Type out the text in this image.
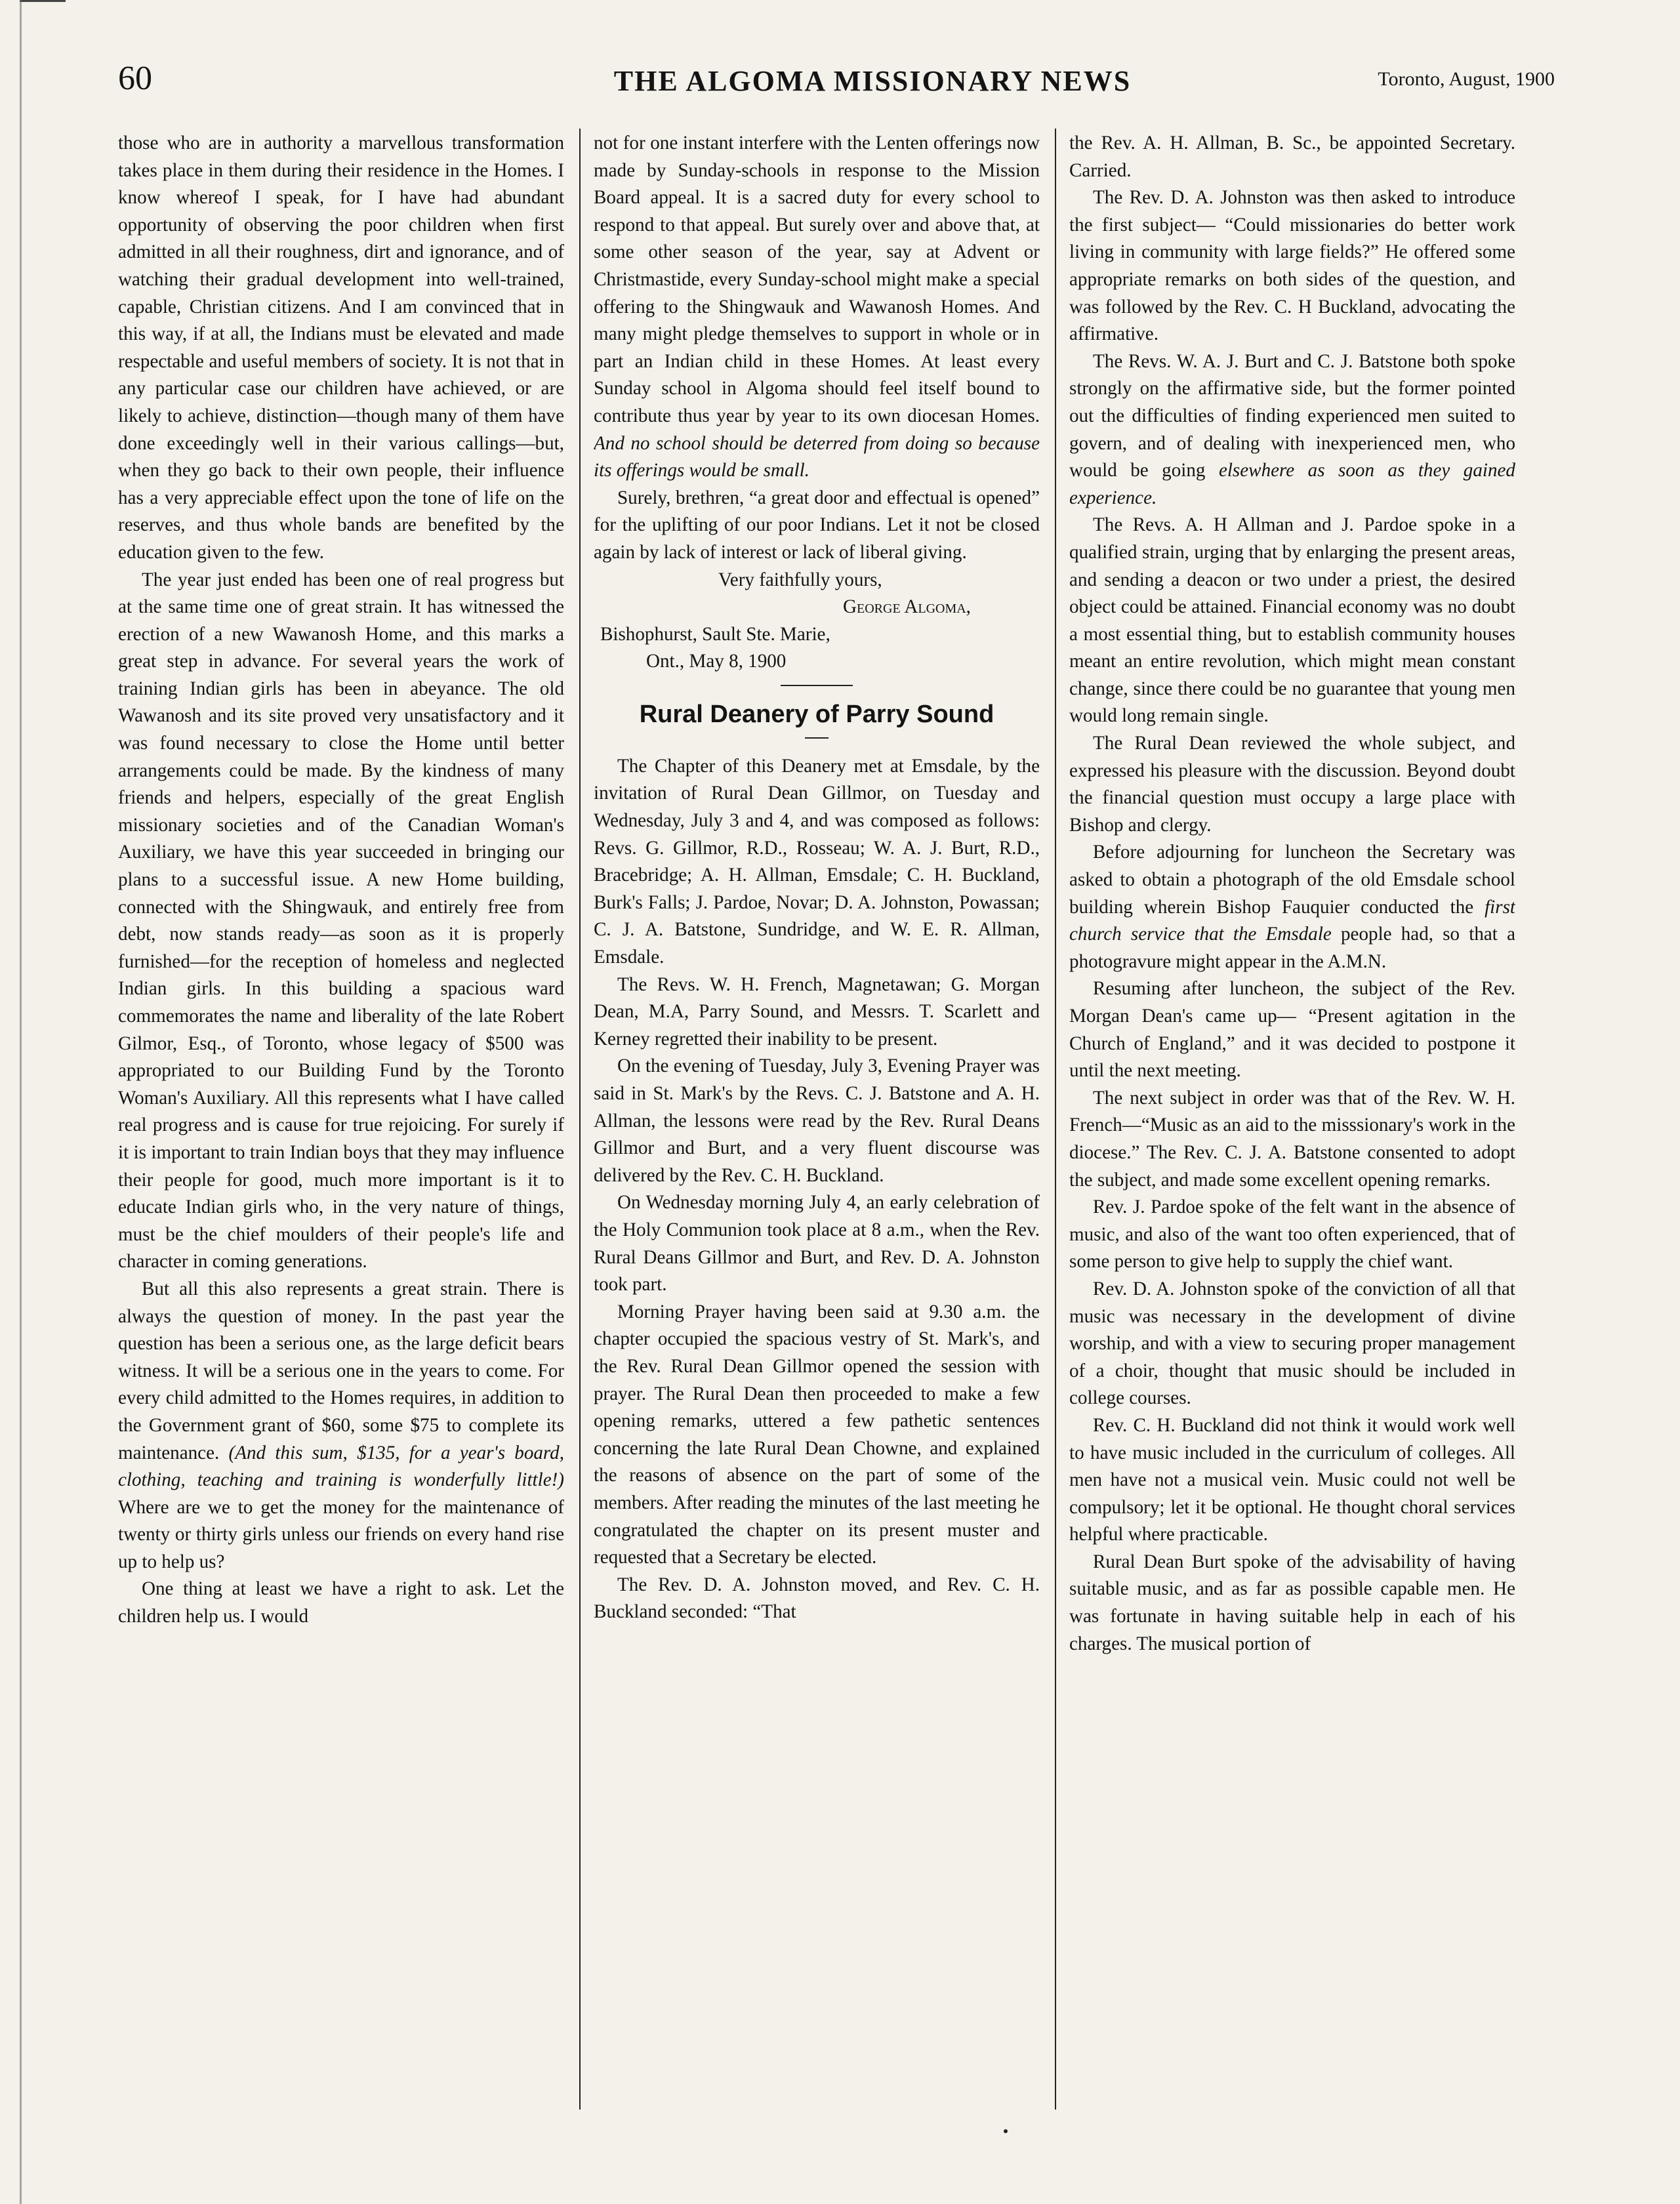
60	THE ALGOMA MISSIONARY NEWS	Toronto, August, 1900

those who are in authority a marvellous transformation takes place in them during their residence in the Homes. I know whereof I speak, for I have had abundant opportunity of observing the poor children when first admitted in all their roughness, dirt and ignorance, and of watching their gradual development into well-trained, capable, Christian citizens. And I am convinced that in this way, if at all, the Indians must be elevated and made respectable and useful members of society. It is not that in any particular case our children have achieved, or are likely to achieve, distinction—though many of them have done exceedingly well in their various callings—but, when they go back to their own people, their influence has a very appreciable effect upon the tone of life on the reserves, and thus whole bands are benefited by the education given to the few.

The year just ended has been one of real progress but at the same time one of great strain. It has witnessed the erection of a new Wawanosh Home, and this marks a great step in advance. For several years the work of training Indian girls has been in abeyance. The old Wawanosh and its site proved very unsatisfactory and it was found necessary to close the Home until better arrangements could be made. By the kindness of many friends and helpers, especially of the great English missionary societies and of the Canadian Woman's Auxiliary, we have this year succeeded in bringing our plans to a successful issue. A new Home building, connected with the Shingwauk, and entirely free from debt, now stands ready—as soon as it is properly furnished—for the reception of homeless and neglected Indian girls. In this building a spacious ward commemorates the name and liberality of the late Robert Gilmor, Esq., of Toronto, whose legacy of $500 was appropriated to our Building Fund by the Toronto Woman's Auxiliary. All this represents what I have called real progress and is cause for true rejoicing. For surely if it is important to train Indian boys that they may influence their people for good, much more important is it to educate Indian girls who, in the very nature of things, must be the chief moulders of their people's life and character in coming generations.

But all this also represents a great strain. There is always the question of money. In the past year the question has been a serious one, as the large deficit bears witness. It will be a serious one in the years to come. For every child admitted to the Homes requires, in addition to the Government grant of $60, some $75 to complete its maintenance. (And this sum, $135, for a year's board, clothing, teaching and training is wonderfully little!) Where are we to get the money for the maintenance of twenty or thirty girls unless our friends on every hand rise up to help us?

One thing at least we have a right to ask. Let the children help us. I would

not for one instant interfere with the Lenten offerings now made by Sunday-schools in response to the Mission Board appeal. It is a sacred duty for every school to respond to that appeal. But surely over and above that, at some other season of the year, say at Advent or Christmastide, every Sunday-school might make a special offering to the Shingwauk and Wawanosh Homes. And many might pledge themselves to support in whole or in part an Indian child in these Homes. At least every Sunday school in Algoma should feel itself bound to contribute thus year by year to its own diocesan Homes. And no school should be deterred from doing so because its offerings would be small.

Surely, brethren, “a great door and effectual is opened” for the uplifting of our poor Indians. Let it not be closed again by lack of interest or lack of liberal giving.

Very faithfully yours,
George Algoma,
Bishophurst, Sault Ste. Marie,
Ont., May 8, 1900
Rural Deanery of Parry Sound

The Chapter of this Deanery met at Emsdale, by the invitation of Rural Dean Gillmor, on Tuesday and Wednesday, July 3 and 4, and was composed as follows: Revs. G. Gillmor, R.D., Rosseau; W. A. J. Burt, R.D., Bracebridge; A. H. Allman, Emsdale; C. H. Buckland, Burk's Falls; J. Pardoe, Novar; D. A. Johnston, Powassan; C. J. A. Batstone, Sundridge, and W. E. R. Allman, Emsdale.

The Revs. W. H. French, Magnetawan; G. Morgan Dean, M.A, Parry Sound, and Messrs. T. Scarlett and Kerney regretted their inability to be present.

On the evening of Tuesday, July 3, Evening Prayer was said in St. Mark's by the Revs. C. J. Batstone and A. H. Allman, the lessons were read by the Rev. Rural Deans Gillmor and Burt, and a very fluent discourse was delivered by the Rev. C. H. Buckland.

On Wednesday morning July 4, an early celebration of the Holy Communion took place at 8 a.m., when the Rev. Rural Deans Gillmor and Burt, and Rev. D. A. Johnston took part.

Morning Prayer having been said at 9.30 a.m. the chapter occupied the spacious vestry of St. Mark's, and the Rev. Rural Dean Gillmor opened the session with prayer. The Rural Dean then proceeded to make a few opening remarks, uttered a few pathetic sentences concerning the late Rural Dean Chowne, and explained the reasons of absence on the part of some of the members. After reading the minutes of the last meeting he congratulated the chapter on its present muster and requested that a Secretary be elected.

The Rev. D. A. Johnston moved, and Rev. C. H. Buckland seconded: “That

the Rev. A. H. Allman, B. Sc., be appointed Secretary. Carried.

The Rev. D. A. Johnston was then asked to introduce the first subject— “Could missionaries do better work living in community with large fields?” He offered some appropriate remarks on both sides of the question, and was followed by the Rev. C. H Buckland, advocating the affirmative.

The Revs. W. A. J. Burt and C. J. Batstone both spoke strongly on the affirmative side, but the former pointed out the difficulties of finding experienced men suited to govern, and of dealing with inexperienced men, who would be going elsewhere as soon as they gained experience.

The Revs. A. H Allman and J. Pardoe spoke in a qualified strain, urging that by enlarging the present areas, and sending a deacon or two under a priest, the desired object could be attained. Financial economy was no doubt a most essential thing, but to establish community houses meant an entire revolution, which might mean constant change, since there could be no guarantee that young men would long remain single.

The Rural Dean reviewed the whole subject, and expressed his pleasure with the discussion. Beyond doubt the financial question must occupy a large place with Bishop and clergy.

Before adjourning for luncheon the Secretary was asked to obtain a photograph of the old Emsdale school building wherein Bishop Fauquier conducted the first church service that the Emsdale people had, so that a photogravure might appear in the A.M.N.

Resuming after luncheon, the subject of the Rev. Morgan Dean's came up— “Present agitation in the Church of England,” and it was decided to postpone it until the next meeting.

The next subject in order was that of the Rev. W. H. French—“Music as an aid to the misssionary's work in the diocese.” The Rev. C. J. A. Batstone consented to adopt the subject, and made some excellent opening remarks.

Rev. J. Pardoe spoke of the felt want in the absence of music, and also of the want too often experienced, that of some person to give help to supply the chief want.

Rev. D. A. Johnston spoke of the conviction of all that music was necessary in the development of divine worship, and with a view to securing proper management of a choir, thought that music should be included in college courses.

Rev. C. H. Buckland did not think it would work well to have music included in the curriculum of colleges. All men have not a musical vein. Music could not well be compulsory; let it be optional. He thought choral services helpful where practicable.

Rural Dean Burt spoke of the advisability of having suitable music, and as far as possible capable men. He was fortunate in having suitable help in each of his charges. The musical portion of
